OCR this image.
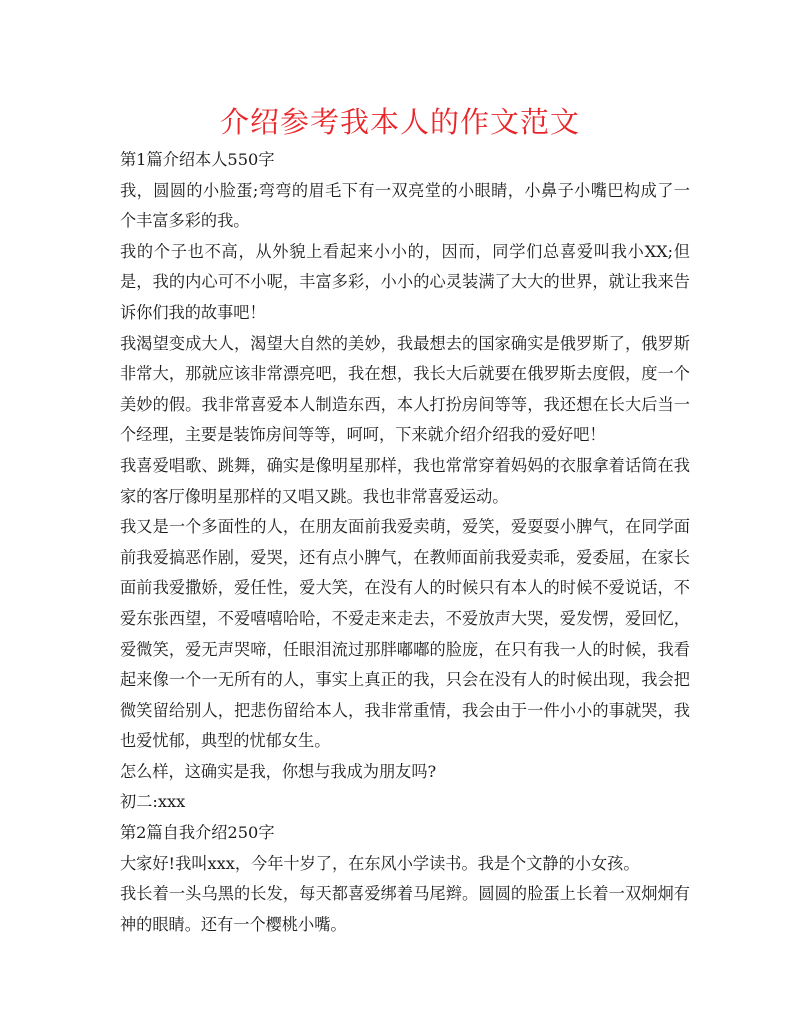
介绍参考我本人的作文范文

第1篇介绍本人550字

我，圆圆的小脸蛋;弯弯的眉毛下有一双亮堂的小眼睛，小鼻子小嘴巴构成了一个丰富多彩的我。

我的个子也不高，从外貌上看起来小小的，因而，同学们总喜爱叫我小XX;但是，我的内心可不小呢，丰富多彩，小小的心灵装满了大大的世界，就让我来告诉你们我的故事吧！

我渴望变成大人，渴望大自然的美妙，我最想去的国家确实是俄罗斯了，俄罗斯非常大，那就应该非常漂亮吧，我在想，我长大后就要在俄罗斯去度假，度一个美妙的假。我非常喜爱本人制造东西，本人打扮房间等等，我还想在长大后当一个经理，主要是装饰房间等等，呵呵，下来就介绍介绍我的爱好吧！

我喜爱唱歌、跳舞，确实是像明星那样，我也常常穿着妈妈的衣服拿着话筒在我家的客厅像明星那样的又唱又跳。我也非常喜爱运动。

我又是一个多面性的人，在朋友面前我爱卖萌，爱笑，爱耍耍小脾气，在同学面前我爱搞恶作剧，爱哭，还有点小脾气，在教师面前我爱卖乖，爱委屈，在家长面前我爱撒娇，爱任性，爱大笑，在没有人的时候只有本人的时候不爱说话，不爱东张西望，不爱嘻嘻哈哈，不爱走来走去，不爱放声大哭，爱发愣，爱回忆，爱微笑，爱无声哭啼，任眼泪流过那胖嘟嘟的脸庞，在只有我一人的时候，我看起来像一个一无所有的人，事实上真正的我，只会在没有人的时候出现，我会把微笑留给别人，把悲伤留给本人，我非常重情，我会由于一件小小的事就哭，我也爱忧郁，典型的忧郁女生。

怎么样，这确实是我，你想与我成为朋友吗?

初二:xxx

第2篇自我介绍250字

大家好!我叫xxx，今年十岁了，在东风小学读书。我是个文静的小女孩。

我长着一头乌黑的长发，每天都喜爱绑着马尾辫。圆圆的脸蛋上长着一双炯炯有神的眼睛。还有一个樱桃小嘴。
